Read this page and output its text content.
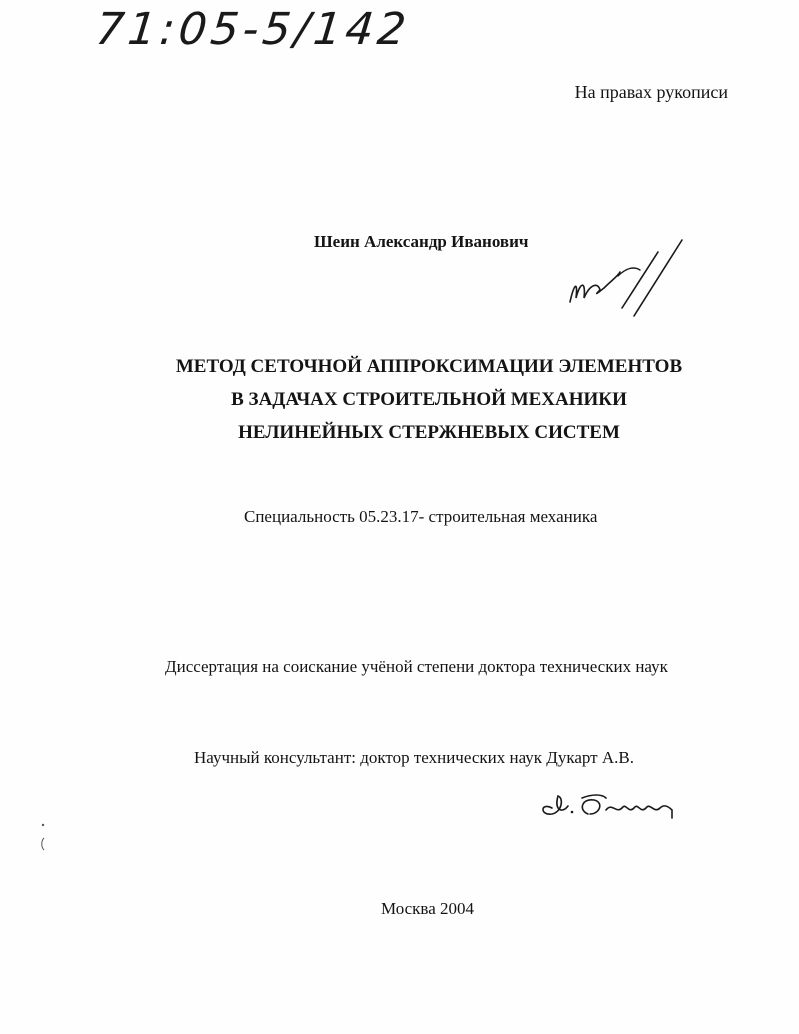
71:05-5/142

На правах рукописи

Шеин Александр Иванович

МЕТОД СЕТОЧНОЙ АППРОКСИМАЦИИ ЭЛЕМЕНТОВ
В ЗАДАЧАХ СТРОИТЕЛЬНОЙ МЕХАНИКИ
НЕЛИНЕЙНЫХ СТЕРЖНЕВЫХ СИСТЕМ

Специальность 05.23.17- строительная механика

Диссертация на соискание учёной степени доктора технических наук

Научный консультант: доктор технических наук Дукарт А.В.

Москва 2004
